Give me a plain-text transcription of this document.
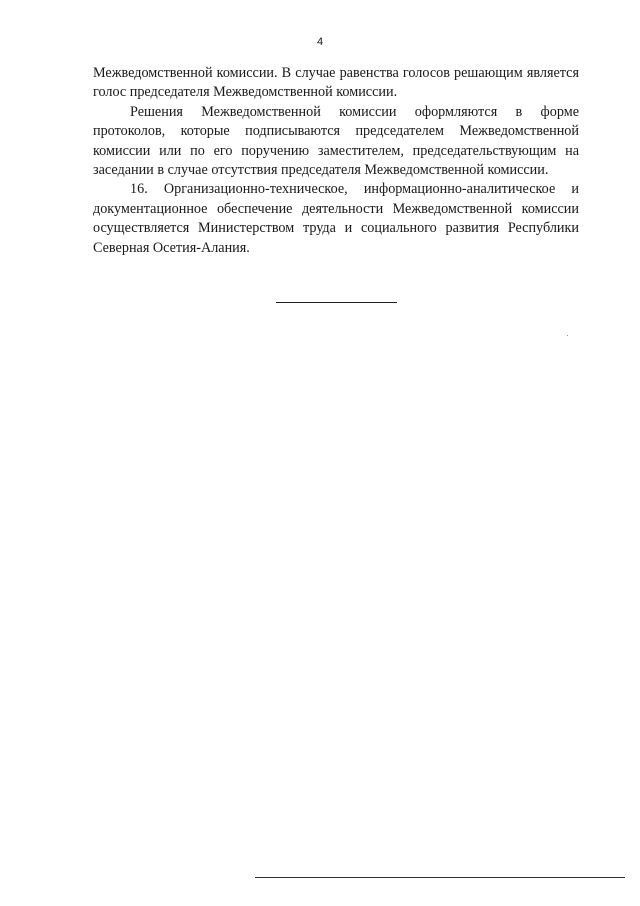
4

Межведомственной комиссии. В случае равенства голосов решающим является голос председателя Межведомственной комиссии.

Решения Межведомственной комиссии оформляются в форме протоколов, которые подписываются председателем Межведомственной комиссии или по его поручению заместителем, председательствующим на заседании в случае отсутствия председателя Межведомственной комиссии.

16. Организационно-техническое, информационно-аналитическое и документационное обеспечение деятельности Межведомственной комиссии осуществляется Министерством труда и социального развития Республики Северная Осетия-Алания.
